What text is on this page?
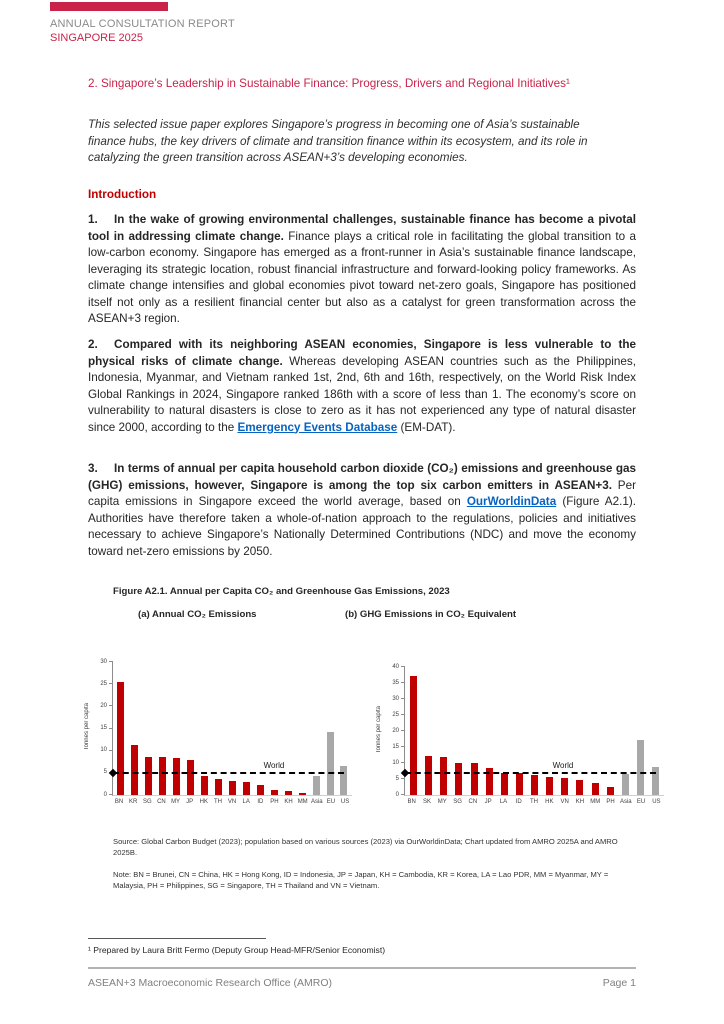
ANNUAL CONSULTATION REPORT
SINGAPORE 2025
2. Singapore’s Leadership in Sustainable Finance: Progress, Drivers and Regional Initiatives¹
This selected issue paper explores Singapore’s progress in becoming one of Asia’s sustainable finance hubs, the key drivers of climate and transition finance within its ecosystem, and its role in catalyzing the green transition across ASEAN+3’s developing economies.
Introduction
1. In the wake of growing environmental challenges, sustainable finance has become a pivotal tool in addressing climate change. Finance plays a critical role in facilitating the global transition to a low-carbon economy. Singapore has emerged as a front-runner in Asia’s sustainable finance landscape, leveraging its strategic location, robust financial infrastructure and forward-looking policy frameworks. As climate change intensifies and global economies pivot toward net-zero goals, Singapore has positioned itself not only as a resilient financial center but also as a catalyst for green transformation across the ASEAN+3 region.
2. Compared with its neighboring ASEAN economies, Singapore is less vulnerable to the physical risks of climate change. Whereas developing ASEAN countries such as the Philippines, Indonesia, Myanmar, and Vietnam ranked 1st, 2nd, 6th and 16th, respectively, on the World Risk Index Global Rankings in 2024, Singapore ranked 186th with a score of less than 1. The economy’s score on vulnerability to natural disasters is close to zero as it has not experienced any type of natural disaster since 2000, according to the Emergency Events Database (EM-DAT).
3. In terms of annual per capita household carbon dioxide (CO₂) emissions and greenhouse gas (GHG) emissions, however, Singapore is among the top six carbon emitters in ASEAN+3. Per capita emissions in Singapore exceed the world average, based on OurWorldinData (Figure A2.1). Authorities have therefore taken a whole-of-nation approach to the regulations, policies and initiatives necessary to achieve Singapore’s Nationally Determined Contributions (NDC) and move the economy toward net-zero emissions by 2050.
Figure A2.1. Annual per Capita CO₂ and Greenhouse Gas Emissions, 2023
(a) Annual CO₂ Emissions	(b) GHG Emissions in CO₂ Equivalent
Tonnes per capita
0
5
10
15
20
25
30
World
BN KR SG CN MY	JP	HK TH VN	LA	ID	PH KH MM Asia EU US
Tonnes per capita
0
5
10
15
20
25
30
35
40
World
BN	SK	MY	SG	CN	JP	LA	ID	TH	HK	VN	KH	MM	PH Asia EU	US
Source: Global Carbon Budget (2023); population based on various sources (2023) via OurWorldinData; Chart updated from AMRO 2025A and AMRO 2025B.
Note: BN = Brunei, CN = China, HK = Hong Kong, ID = Indonesia, JP = Japan, KH = Cambodia, KR = Korea, LA = Lao PDR, MM = Myanmar, MY = Malaysia, PH = Philippines, SG = Singapore, TH = Thailand and VN = Vietnam.
¹ Prepared by Laura Britt Fermo (Deputy Group Head-MFR/Senior Economist)
ASEAN+3 Macroeconomic Research Office (AMRO)	Page 1
